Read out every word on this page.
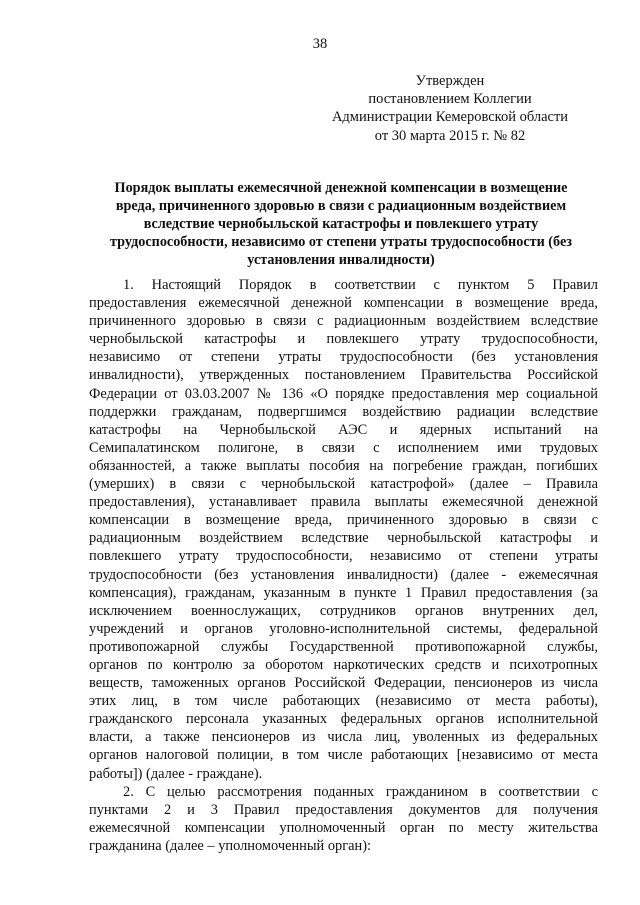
38
Утвержден
постановлением Коллегии
Администрации Кемеровской области
от 30 марта 2015 г. № 82
Порядок выплаты ежемесячной денежной компенсации в возмещение
вреда, причиненного здоровью в связи с радиационным воздействием
вследствие чернобыльской катастрофы и повлекшего утрату
трудоспособности, независимо от степени утраты трудоспособности (без
установления инвалидности)
1. Настоящий Порядок в соответствии с пунктом 5 Правил
предоставления ежемесячной денежной компенсации в возмещение вреда,
причиненного здоровью в связи с радиационным воздействием вследствие
чернобыльской катастрофы и повлекшего утрату трудоспособности,
независимо от степени утраты трудоспособности (без установления
инвалидности), утвержденных постановлением Правительства Российской
Федерации от 03.03.2007 № 136 «О порядке предоставления мер социальной
поддержки гражданам, подвергшимся воздействию радиации вследствие
катастрофы на Чернобыльской АЭС и ядерных испытаний на
Семипалатинском полигоне, в связи с исполнением ими трудовых
обязанностей, а также выплаты пособия на погребение граждан, погибших
(умерших) в связи с чернобыльской катастрофой» (далее – Правила
предоставления), устанавливает правила выплаты ежемесячной денежной
компенсации в возмещение вреда, причиненного здоровью в связи с
радиационным воздействием вследствие чернобыльской катастрофы и
повлекшего утрату трудоспособности, независимо от степени утраты
трудоспособности (без установления инвалидности) (далее - ежемесячная
компенсация), гражданам, указанным в пункте 1 Правил предоставления (за
исключением военнослужащих, сотрудников органов внутренних дел,
учреждений и органов уголовно-исполнительной системы, федеральной
противопожарной службы Государственной противопожарной службы,
органов по контролю за оборотом наркотических средств и психотропных
веществ, таможенных органов Российской Федерации, пенсионеров из числа
этих лиц, в том числе работающих (независимо от места работы),
гражданского персонала указанных федеральных органов исполнительной
власти, а также пенсионеров из числа лиц, уволенных из федеральных
органов налоговой полиции, в том числе работающих [независимо от места
работы]) (далее - граждане).
2. С целью рассмотрения поданных гражданином в соответствии с
пунктами 2 и 3 Правил предоставления документов для получения
ежемесячной компенсации уполномоченный орган по месту жительства
гражданина (далее – уполномоченный орган):
